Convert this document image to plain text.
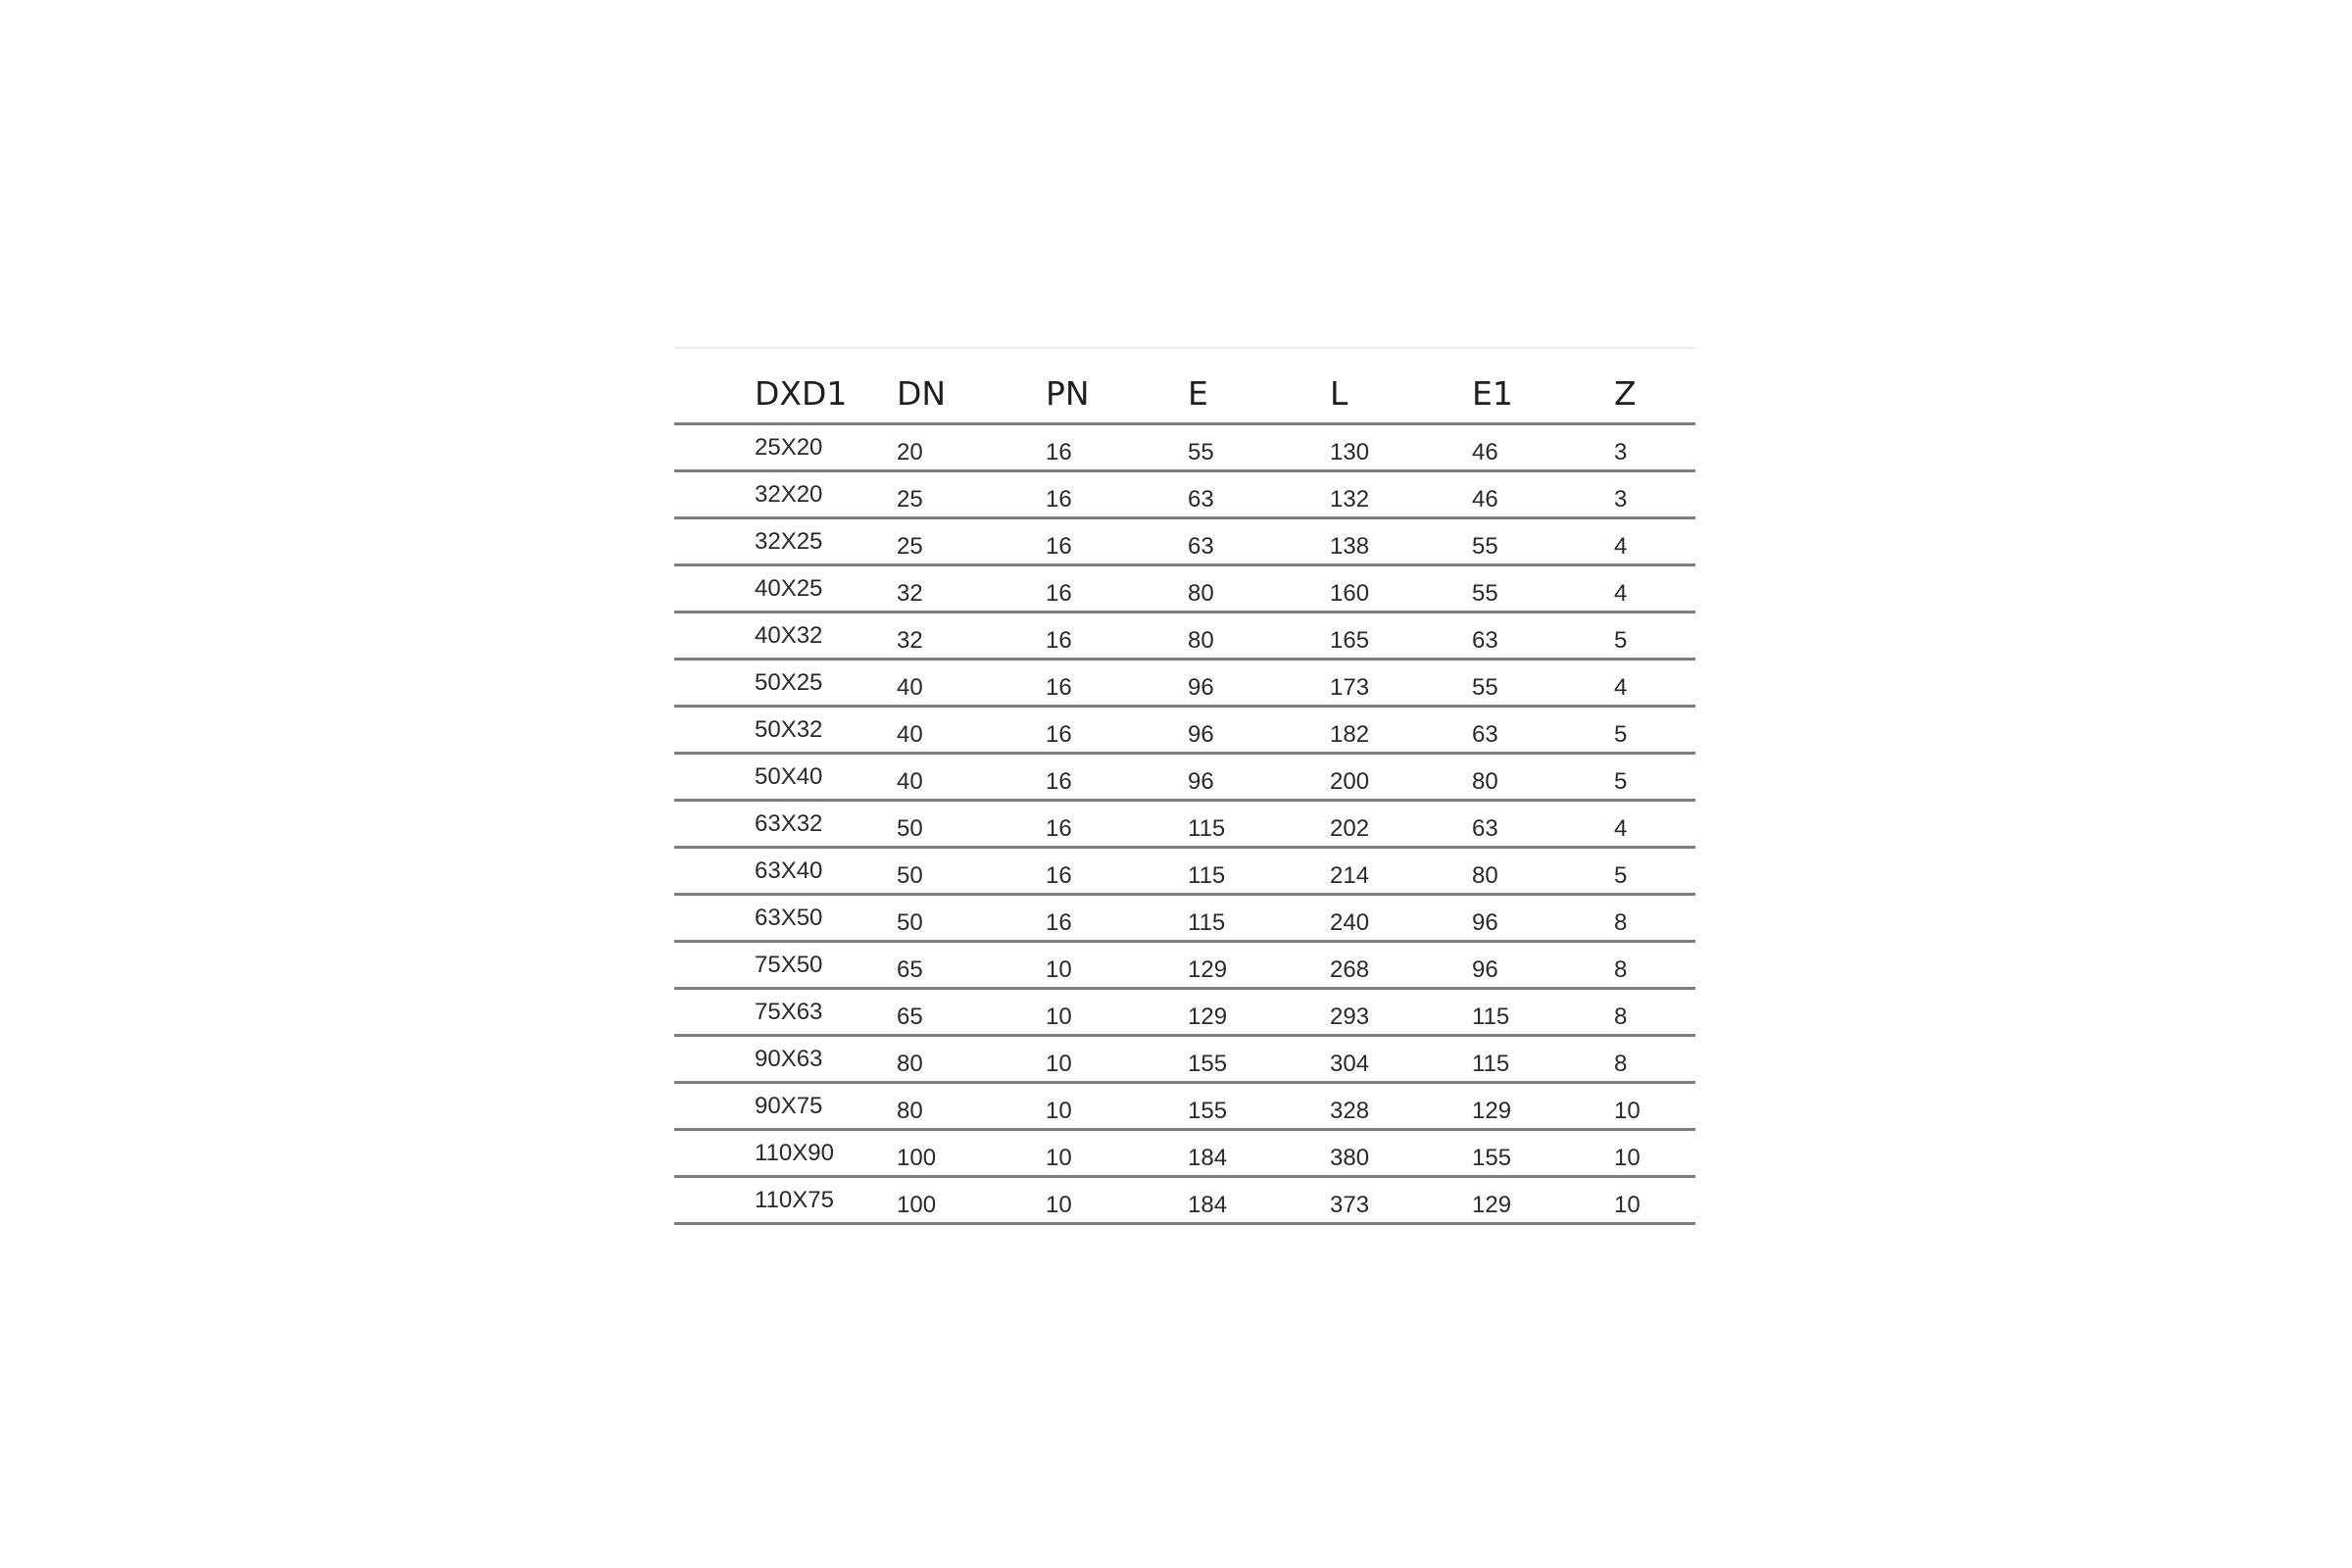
	DXD1	DN	PN	E	L	E1	Z
	25X20	20	16	55	130	46	3
	32X20	25	16	63	132	46	3
	32X25	25	16	63	138	55	4
	40X25	32	16	80	160	55	4
	40X32	32	16	80	165	63	5
	50X25	40	16	96	173	55	4
	50X32	40	16	96	182	63	5
	50X40	40	16	96	200	80	5
	63X32	50	16	115	202	63	4
	63X40	50	16	115	214	80	5
	63X50	50	16	115	240	96	8
	75X50	65	10	129	268	96	8
	75X63	65	10	129	293	115	8
	90X63	80	10	155	304	115	8
	90X75	80	10	155	328	129	10
	110X90	100	10	184	380	155	10
	110X75	100	10	184	373	129	10
